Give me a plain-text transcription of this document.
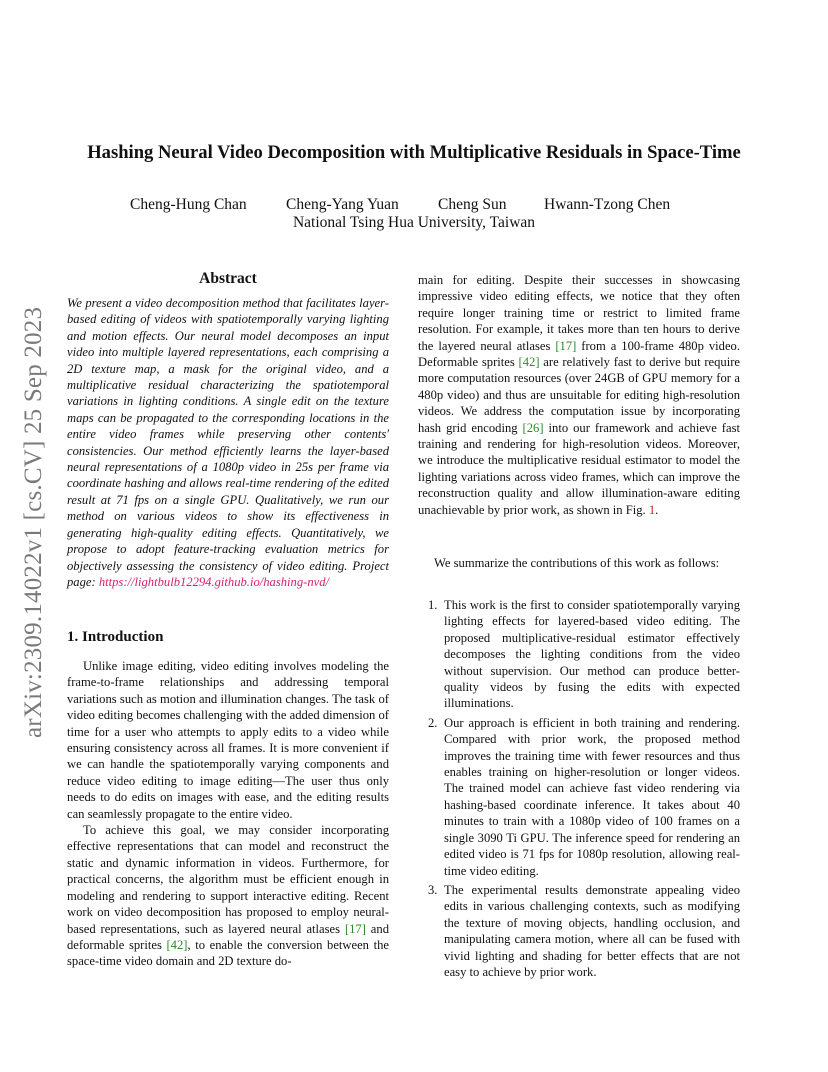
arXiv:2309.14022v1 [cs.CV] 25 Sep 2023
Hashing Neural Video Decomposition with Multiplicative Residuals in Space-Time
Cheng-Hung Chan	Cheng-Yang Yuan	Cheng Sun Hwann-Tzong Chen
National Tsing Hua University, Taiwan
Abstract
We present a video decomposition method that facilitates layer-based editing of videos with spatiotemporally varying lighting and motion effects. Our neural model decomposes an input video into multiple layered representations, each comprising a 2D texture map, a mask for the original video, and a multiplicative residual characterizing the spatiotemporal variations in lighting conditions. A single edit on the texture maps can be propagated to the corresponding locations in the entire video frames while preserving other contents' consistencies. Our method efficiently learns the layer-based neural representations of a 1080p video in 25s per frame via coordinate hashing and allows real-time rendering of the edited result at 71 fps on a single GPU. Qualitatively, we run our method on various videos to show its effectiveness in generating high-quality editing effects. Quantitatively, we propose to adopt feature-tracking evaluation metrics for objectively assessing the consistency of video editing. Project page: https://lightbulb12294.github.io/hashing-nvd/
1. Introduction

Unlike image editing, video editing involves modeling the frame-to-frame relationships and addressing temporal variations such as motion and illumination changes. The task of video editing becomes challenging with the added dimension of time for a user who attempts to apply edits to a video while ensuring consistency across all frames. It is more convenient if we can handle the spatiotemporally varying components and reduce video editing to image editing—The user thus only needs to do edits on images with ease, and the editing results can seamlessly propagate to the entire video.

To achieve this goal, we may consider incorporating effective representations that can model and reconstruct the static and dynamic information in videos. Furthermore, for practical concerns, the algorithm must be efficient enough in modeling and rendering to support interactive editing. Recent work on video decomposition has proposed to employ neural-based representations, such as layered neural atlases [17] and deformable sprites [42], to enable the conversion between the space-time video domain and 2D texture do-

main for editing. Despite their successes in showcasing impressive video editing effects, we notice that they often require longer training time or restrict to limited frame resolution. For example, it takes more than ten hours to derive the layered neural atlases [17] from a 100-frame 480p video. Deformable sprites [42] are relatively fast to derive but require more computation resources (over 24GB of GPU memory for a 480p video) and thus are unsuitable for editing high-resolution videos. We address the computation issue by incorporating hash grid encoding [26] into our framework and achieve fast training and rendering for high-resolution videos. Moreover, we introduce the multiplicative residual estimator to model the lighting variations across video frames, which can improve the reconstruction quality and allow illumination-aware editing unachievable by prior work, as shown in Fig. 1.

We summarize the contributions of this work as follows:
1. This work is the first to consider spatiotemporally varying lighting effects for layered-based video editing. The proposed multiplicative-residual estimator effectively decomposes the lighting conditions from the video without supervision. Our method can produce better-quality videos by fusing the edits with expected illuminations.
2. Our approach is efficient in both training and rendering. Compared with prior work, the proposed method improves the training time with fewer resources and thus enables training on higher-resolution or longer videos. The trained model can achieve fast video rendering via hashing-based coordinate inference. It takes about 40 minutes to train with a 1080p video of 100 frames on a single 3090 Ti GPU. The inference speed for rendering an edited video is 71 fps for 1080p resolution, allowing real-time video editing.
3. The experimental results demonstrate appealing video edits in various challenging contexts, such as modifying the texture of moving objects, handling occlusion, and manipulating camera motion, where all can be fused with vivid lighting and shading for better effects that are not easy to achieve by prior work.
